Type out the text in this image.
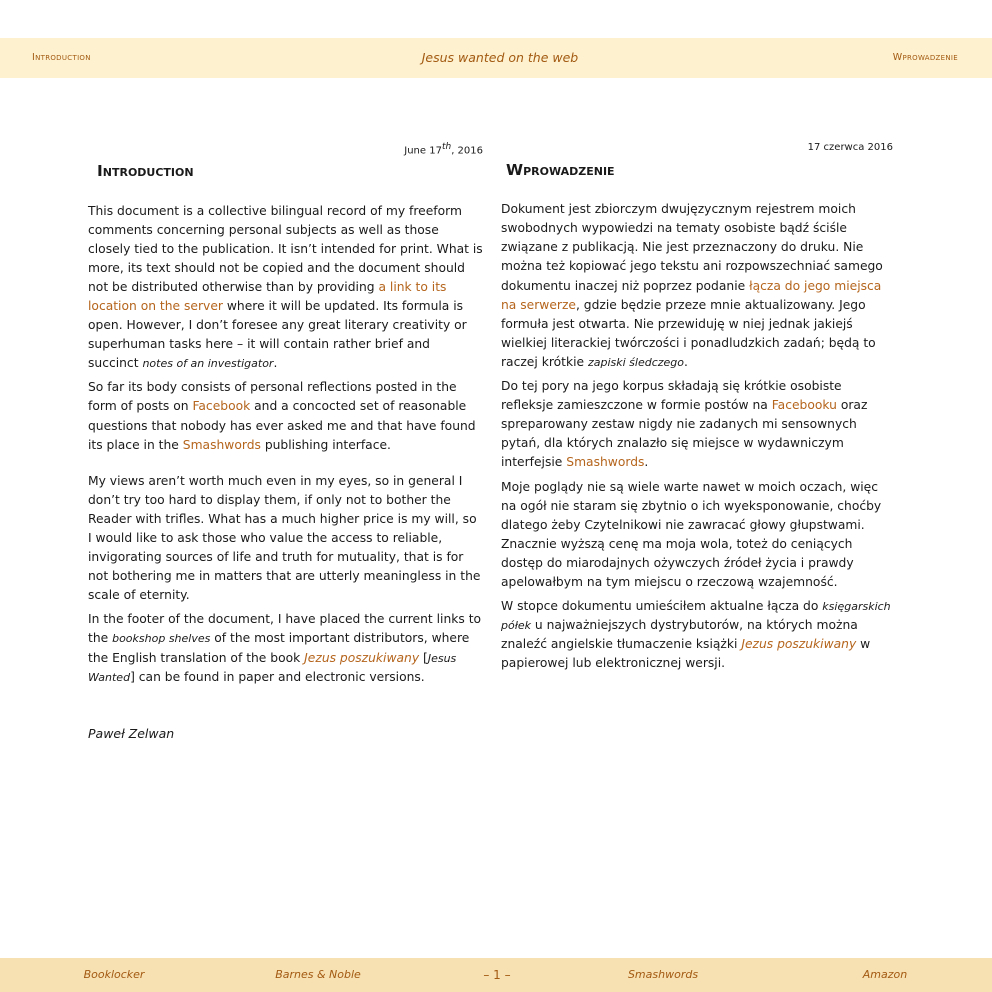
Introduction	Jesus wanted on the web	Wprowadzenie
June 17th, 2016
Introduction

This document is a collective bilingual record of my freeform comments concerning personal subjects as well as those closely tied to the publication. It isn’t intended for print. What is more, its text should not be copied and the document should not be distributed otherwise than by providing a link to its location on the server where it will be updated. Its formula is open. However, I don’t foresee any great literary creativity or superhuman tasks here – it will contain rather brief and succinct notes of an investigator.

So far its body consists of personal reflections posted in the form of posts on Facebook and a concocted set of reasonable questions that nobody has ever asked me and that have found its place in the Smashwords publishing interface.

My views aren’t worth much even in my eyes, so in general I don’t try too hard to display them, if only not to bother the Reader with trifles. What has a much higher price is my will, so I would like to ask those who value the access to reliable, invigorating sources of life and truth for mutuality, that is for not bothering me in matters that are utterly meaningless in the scale of eternity.

In the footer of the document, I have placed the current links to the bookshop shelves of the most important distributors, where the English translation of the book Jezus poszukiwany [Jesus Wanted] can be found in paper and electronic versions.

Paweł Zelwan
17 czerwca 2016
Wprowadzenie

Dokument jest zbiorczym dwujęzycznym rejestrem moich swobodnych wypowiedzi na tematy osobiste bądź ściśle związane z publikacją. Nie jest przeznaczony do druku. Nie można też kopiować jego tekstu ani rozpowszechniać samego dokumentu inaczej niż poprzez podanie łącza do jego miejsca na serwerze, gdzie będzie przeze mnie aktualizowany. Jego formuła jest otwarta. Nie przewiduję w niej jednak jakiejś wielkiej literackiej twórczości i ponadludzkich zadań; będą to raczej krótkie zapiski śledczego.

Do tej pory na jego korpus składają się krótkie osobiste refleksje zamieszczone w formie postów na Facebooku oraz spreparowany zestaw nigdy nie zadanych mi sensownych pytań, dla których znalazło się miejsce w wydawniczym interfejsie Smashwords.

Moje poglądy nie są wiele warte nawet w moich oczach, więc na ogół nie staram się zbytnio o ich wyeksponowanie, choćby dlatego żeby Czytelnikowi nie zawracać głowy głupstwami. Znacznie wyższą cenę ma moja wola, toteż do ceniących dostęp do miarodajnych ożywczych źródeł życia i prawdy apelowałbym na tym miejscu o rzeczową wzajemność.

W stopce dokumentu umieściłem aktualne łącza do księgarskich półek u najważniejszych dystrybutorów, na których można znaleźć angielskie tłumaczenie książki Jezus poszukiwany w papierowej lub elektronicznej wersji.

Booklocker	Barnes & Noble	– 1 –	Smashwords	Amazon
